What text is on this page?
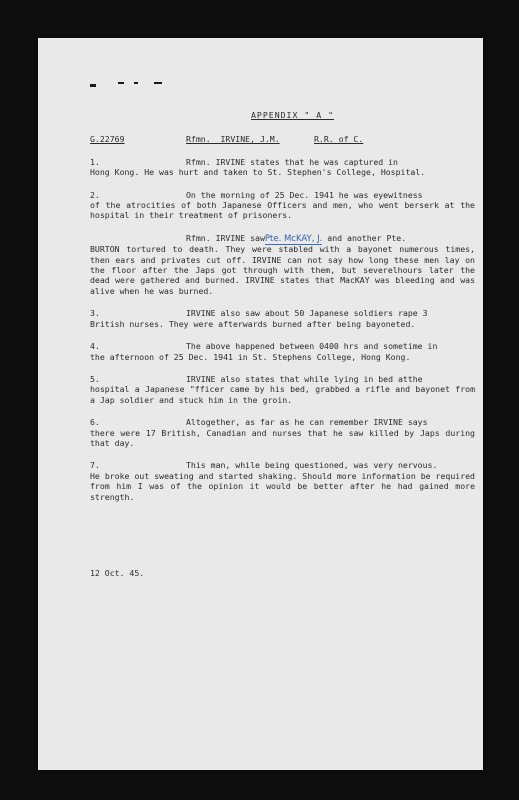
APPENDIX " A "
G.22769	Rfmn.  IRVINE, J.M.	R.R. of C.
1.	Rfmn. IRVINE states that he was captured in
Hong Kong. He was hurt and taken to St. Stephen's College, Hospital.
2.	On the morning of 25 Dec. 1941 he was eyewitness
of the atrocities of both Japanese Officers and men, who went berserk at the hospital in their treatment of prisoners.
Rfmn. IRVINE sawPte. McKAY, J. and another Pte.
BURTON tortured to death. They were stabled with a bayonet numerous times, then ears and privates cut off. IRVINE can not say how long these men lay on the floor after the Japs got through with them, but severelhours later the dead were gathered and burned. IRVINE states that MacKAY was bleeding and was alive when he was burned.
3.	IRVINE also saw about 50 Japanese soldiers rape 3
British nurses. They were afterwards burned after being bayoneted.
4.	The above happened between 0400 hrs and sometime in
the afternoon of 25 Dec. 1941 in St. Stephens College, Hong Kong.
5.	IRVINE also states that while lying in bed atthe
hospital a Japanese "fficer came by his bed, grabbed a rifle and bayonet from a Jap soldier and stuck him in the groin.
6.	Altogether, as far as he can remember IRVINE says
there were 17 British, Canadian and nurses that he saw killed by Japs during that day.
7.	This man, while being questioned, was very nervous.
He broke out sweating and started shaking. Should more information be required from him I was of the opinion it would be better after he had gained more strength.
12 Oct. 45.
